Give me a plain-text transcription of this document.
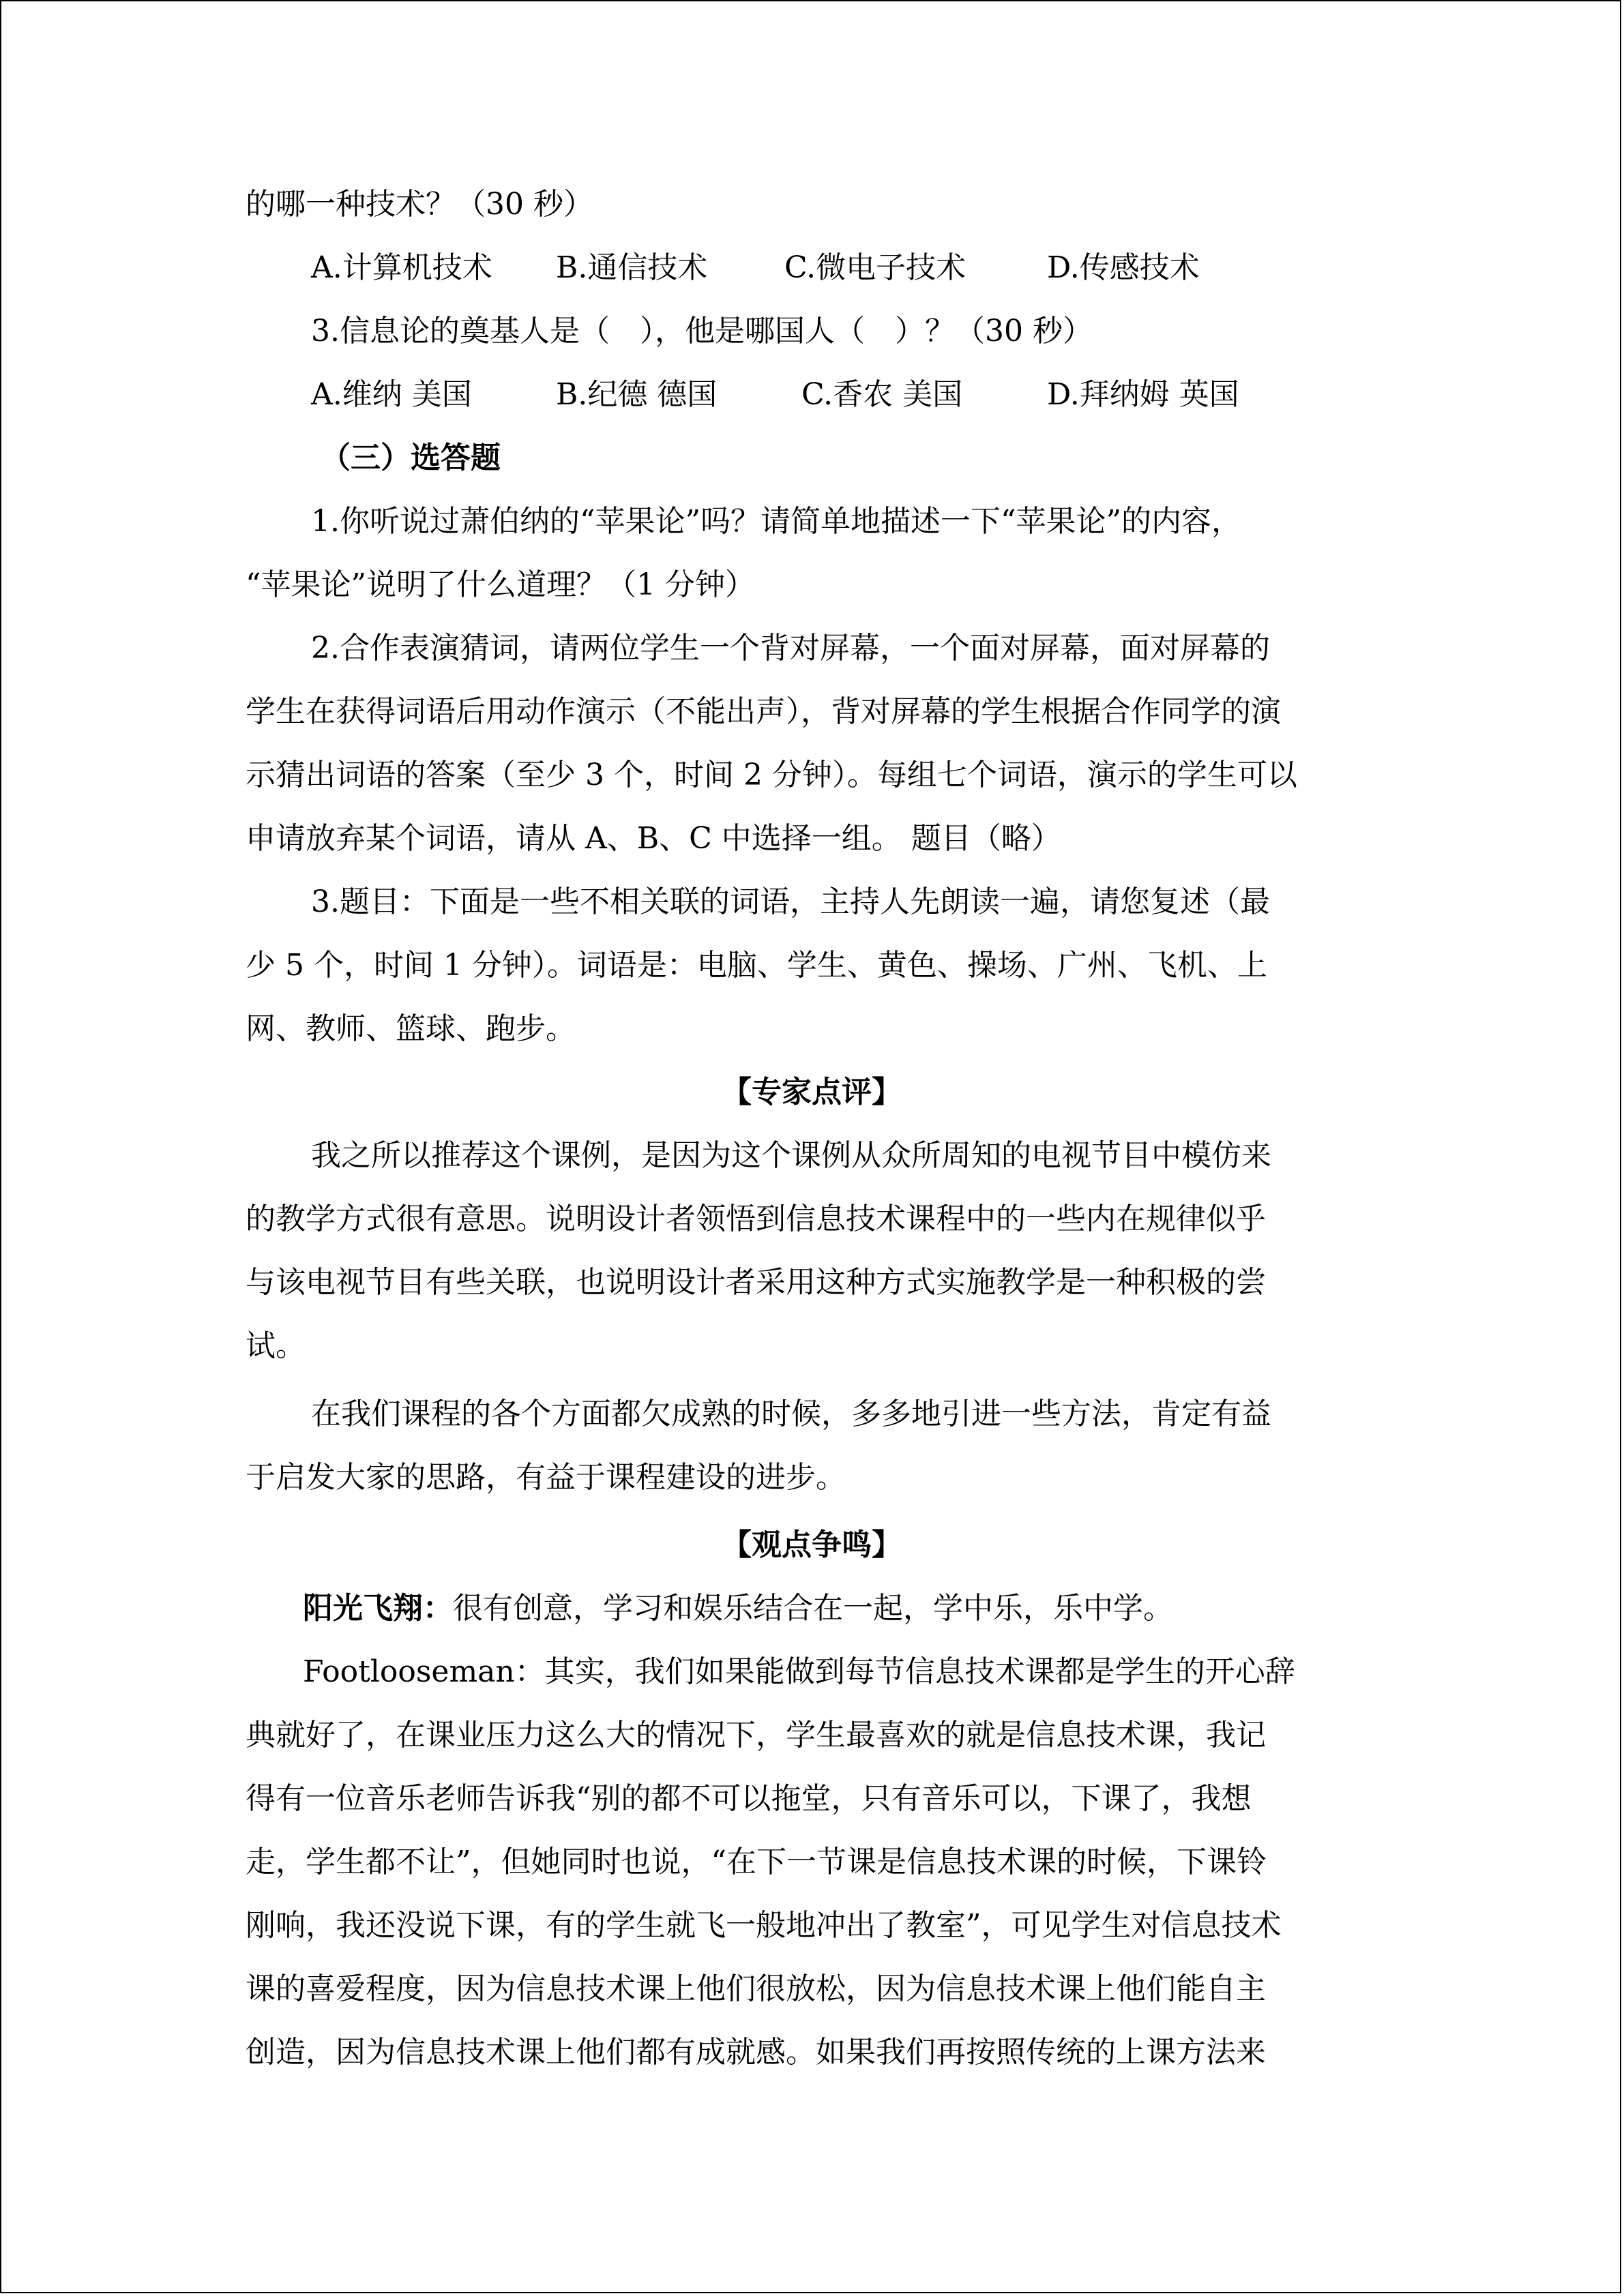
的哪一种技术？（30 秒）
A.计算机技术 B.通信技术	C.微电子技术	D.传感技术
3.信息论的奠基人是（　），他是哪国人（　）？（30 秒）
A.维纳 美国	B.纪德 德国	C.香农 美国	D.拜纳姆 英国
（三）选答题
1.你听说过萧伯纳的“苹果论”吗？请简单地描述一下“苹果论”的内容，
“苹果论”说明了什么道理？（1 分钟）
2.合作表演猜词，请两位学生一个背对屏幕，一个面对屏幕，面对屏幕的
学生在获得词语后用动作演示（不能出声），背对屏幕的学生根据合作同学的演
示猜出词语的答案（至少 3 个，时间 2 分钟）。每组七个词语，演示的学生可以
申请放弃某个词语，请从 A、B、C 中选择一组。 题目（略）
3.题目：下面是一些不相关联的词语，主持人先朗读一遍，请您复述（最
少 5 个，时间 1 分钟）。词语是：电脑、学生、黄色、操场、广州、飞机、上
网、教师、篮球、跑步。
【专家点评】
我之所以推荐这个课例，是因为这个课例从众所周知的电视节目中模仿来
的教学方式很有意思。说明设计者领悟到信息技术课程中的一些内在规律似乎
与该电视节目有些关联，也说明设计者采用这种方式实施教学是一种积极的尝
试。
在我们课程的各个方面都欠成熟的时候，多多地引进一些方法，肯定有益
于启发大家的思路，有益于课程建设的进步。
【观点争鸣】
阳光飞翔：很有创意，学习和娱乐结合在一起，学中乐，乐中学。
Footlooseman：其实，我们如果能做到每节信息技术课都是学生的开心辞
典就好了，在课业压力这么大的情况下，学生最喜欢的就是信息技术课，我记
得有一位音乐老师告诉我“别的都不可以拖堂，只有音乐可以，下课了，我想
走，学生都不让”，但她同时也说，“在下一节课是信息技术课的时候，下课铃
刚响，我还没说下课，有的学生就飞一般地冲出了教室”，可见学生对信息技术
课的喜爱程度，因为信息技术课上他们很放松，因为信息技术课上他们能自主
创造，因为信息技术课上他们都有成就感。如果我们再按照传统的上课方法来
